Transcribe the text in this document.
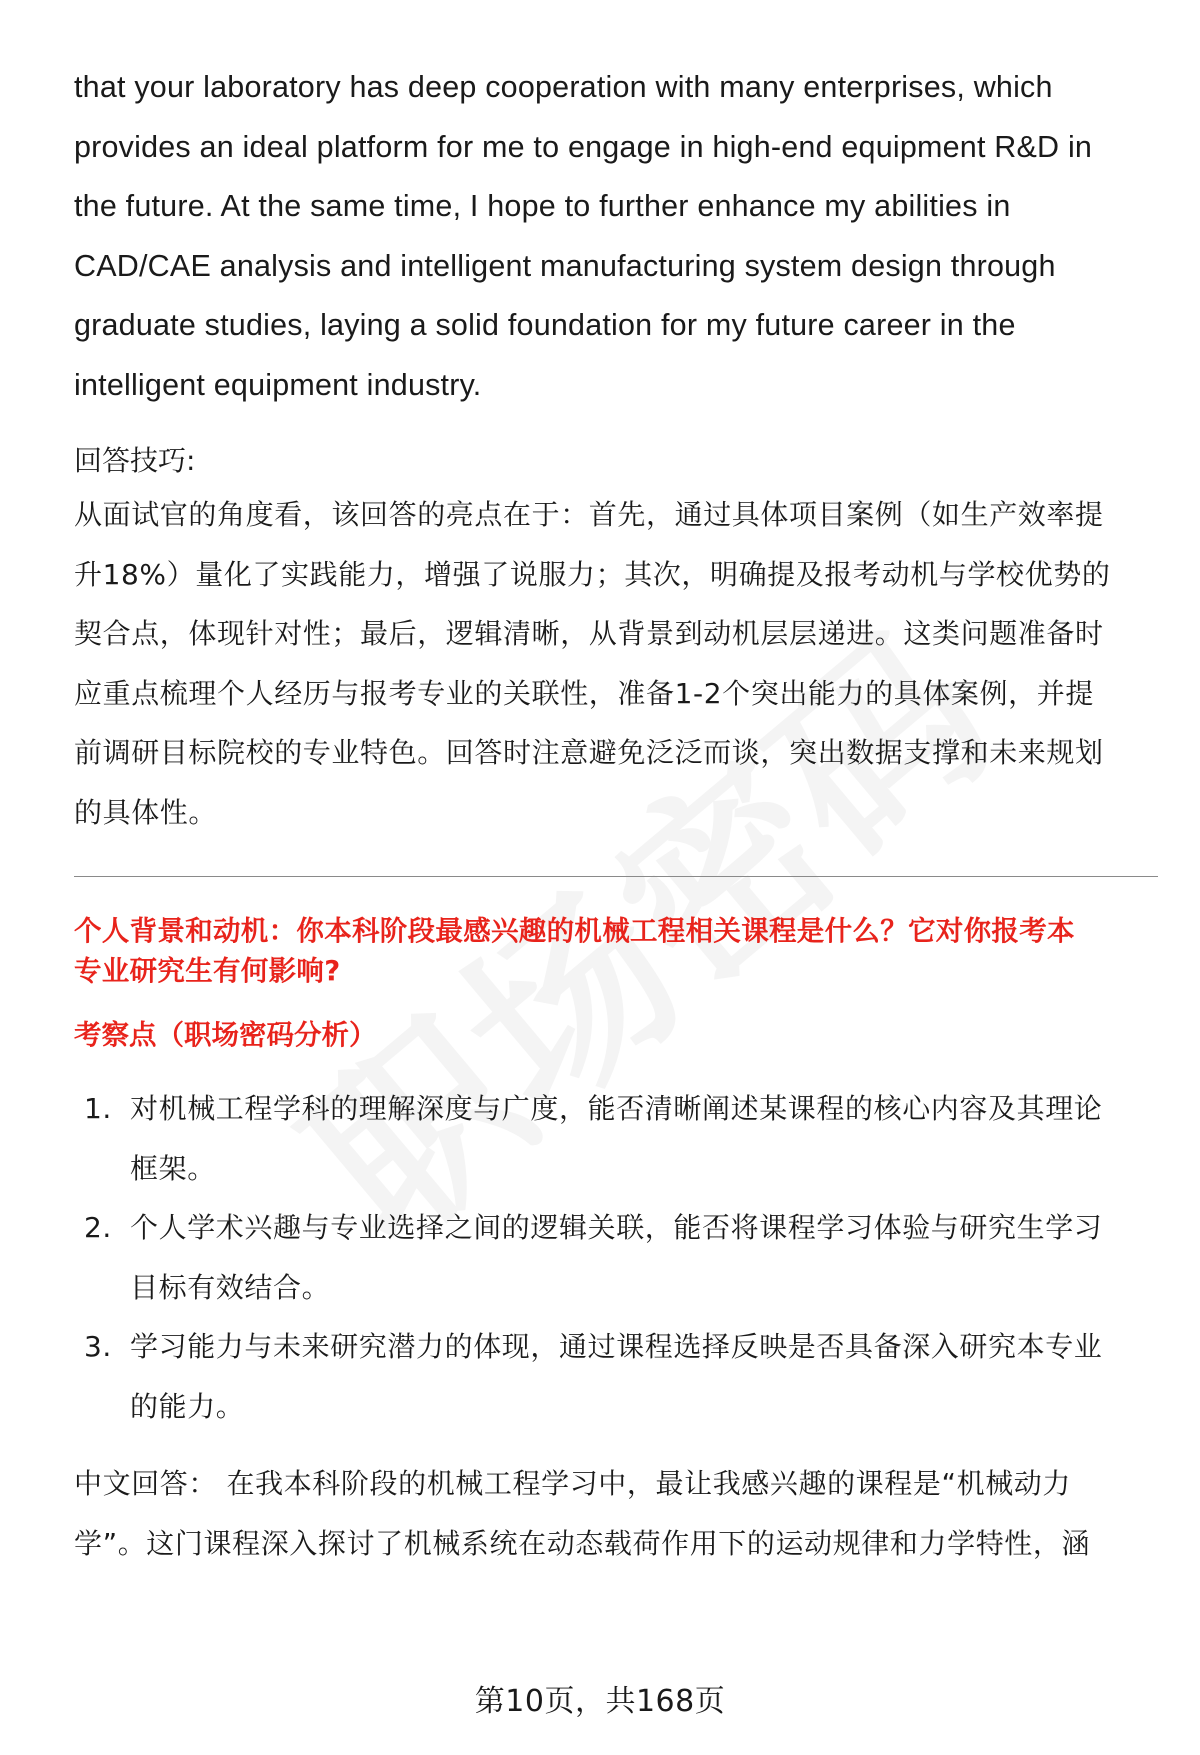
that your laboratory has deep cooperation with many enterprises, which
provides an ideal platform for me to engage in high-end equipment R&D in
the future. At the same time, I hope to further enhance my abilities in
CAD/CAE analysis and intelligent manufacturing system design through
graduate studies, laying a solid foundation for my future career in the
intelligent equipment industry.
回答技巧:
从面试官的角度看，该回答的亮点在于：首先，通过具体项目案例（如生产效率提
升18%）量化了实践能力，增强了说服力；其次，明确提及报考动机与学校优势的
契合点，体现针对性；最后，逻辑清晰，从背景到动机层层递进。这类问题准备时
应重点梳理个人经历与报考专业的关联性，准备1-2个突出能力的具体案例，并提
前调研目标院校的专业特色。回答时注意避免泛泛而谈，突出数据支撑和未来规划
的具体性。
个人背景和动机：你本科阶段最感兴趣的机械工程相关课程是什么？它对你报考本
专业研究生有何影响?
考察点（职场密码分析）
1. 对机械工程学科的理解深度与广度，能否清晰阐述某课程的核心内容及其理论
框架。
2. 个人学术兴趣与专业选择之间的逻辑关联，能否将课程学习体验与研究生学习
目标有效结合。
3. 学习能力与未来研究潜力的体现，通过课程选择反映是否具备深入研究本专业
的能力。
中文回答： 在我本科阶段的机械工程学习中，最让我感兴趣的课程是“机械动力
学”。这门课程深入探讨了机械系统在动态载荷作用下的运动规律和力学特性，涵
第10页，共168页
